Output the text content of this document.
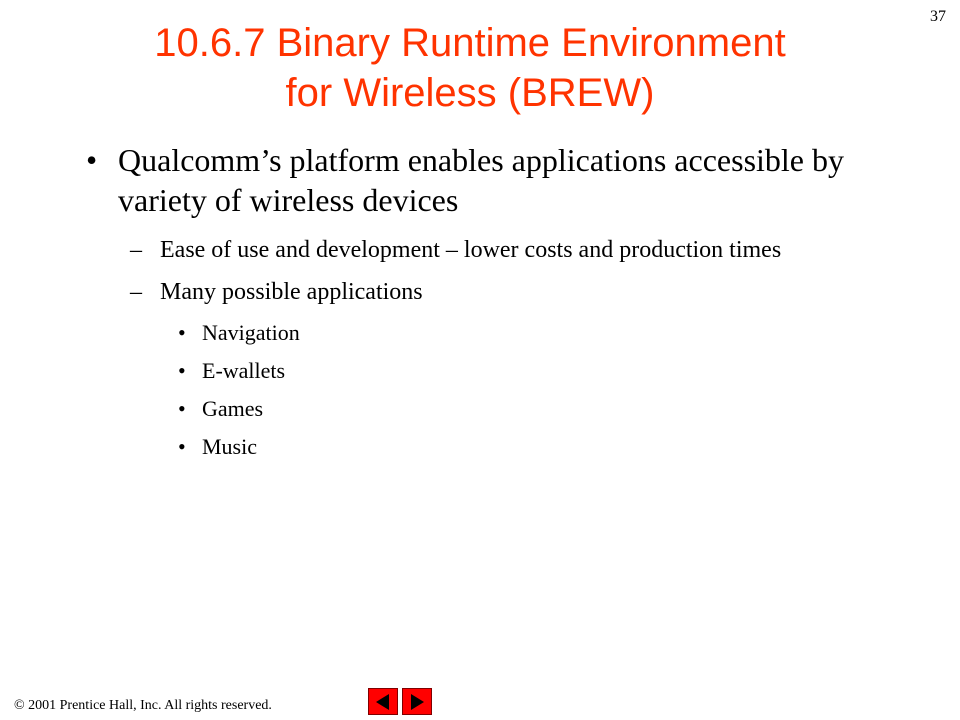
37
10.6.7 Binary Runtime Environment
for Wireless (BREW)
• Qualcomm’s platform enables applications accessible by variety of wireless devices
– Ease of use and development – lower costs and production times
– Many possible applications
• Navigation
• E-wallets
• Games
• Music
© 2001 Prentice Hall, Inc. All rights reserved.
